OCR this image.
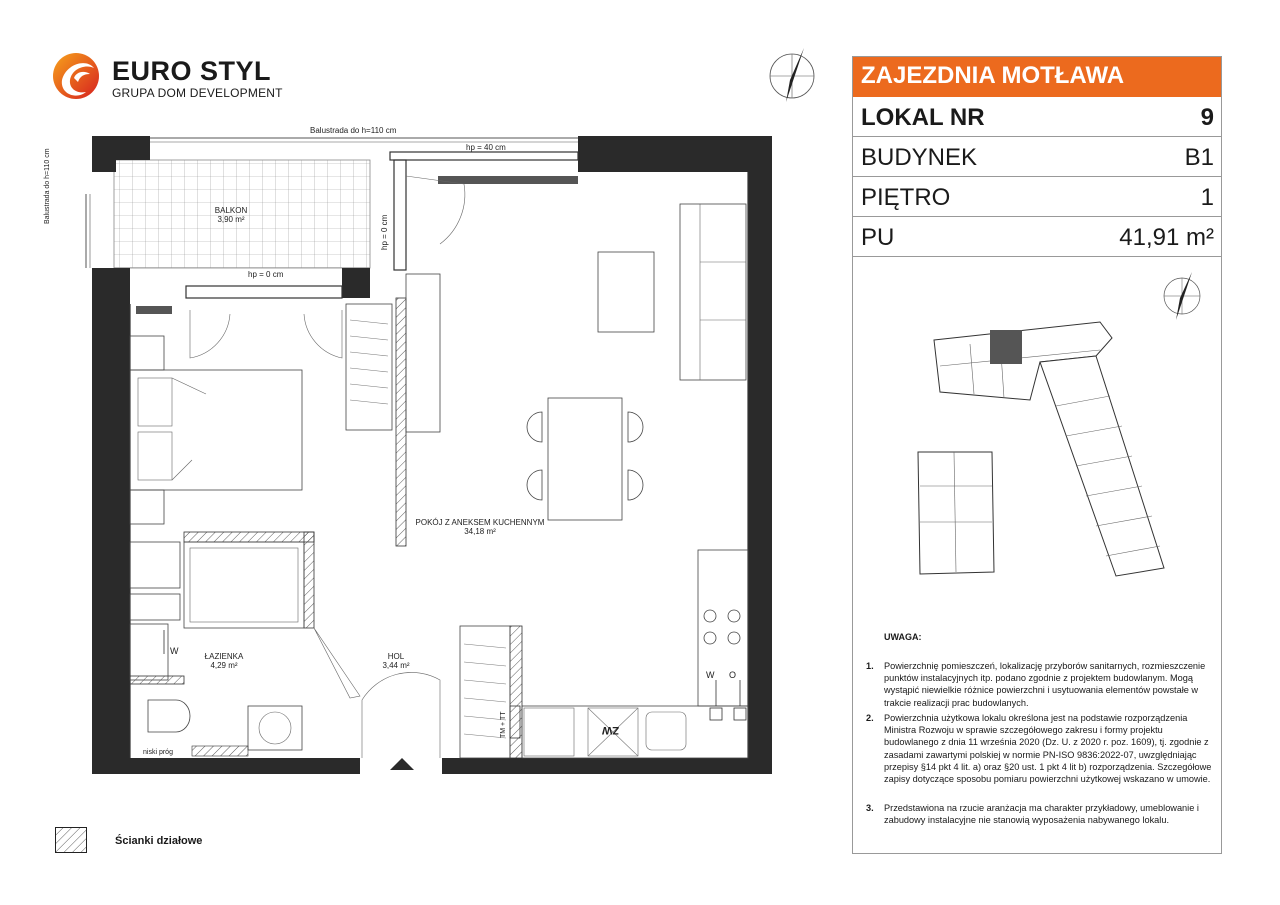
EURO STYL
GRUPA DOM DEVELOPMENT
Balustrada do h=110 cm
Balustrada do h=110 cm
hp = 40 cm
hp = 0 cm
hp = 0 cm
niski próg
TM + TT	ZW
W
W O
BALKON
3,90 m²
POKÓJ Z ANEKSEM KUCHENNYM
34,18 m²
ŁAZIENKA
4,29 m²
HOL
3,44 m²
ZAJEZDNIA MOTŁAWA
LOKAL NR	9
BUDYNEK	B1
PIĘTRO	1
PU	41,91 m²
UWAGA:
1. Powierzchnię pomieszczeń, lokalizację przyborów sanitarnych, rozmieszczenie punktów instalacyjnych itp. podano zgodnie z projektem budowlanym. Mogą wystąpić niewielkie różnice powierzchni i usytuowania elementów powstałe w trakcie realizacji prac budowlanych.
2. Powierzchnia użytkowa lokalu określona jest na podstawie rozporządzenia Ministra Rozwoju w sprawie szczegółowego zakresu i formy projektu budowlanego z dnia 11 września 2020 (Dz. U. z 2020 r. poz. 1609), tj. zgodnie z zasadami zawartymi polskiej w normie PN-ISO 9836:2022-07, uwzględniając przepisy §14 pkt 4 lit. a) oraz §20 ust. 1 pkt 4 lit b) rozporządzenia. Szczegółowe zapisy dotyczące sposobu pomiaru powierzchni użytkowej wskazano w umowie.
3. Przedstawiona na rzucie aranżacja ma charakter przykładowy, umeblowanie i zabudowy instalacyjne nie stanowią wyposażenia nabywanego lokalu.
Ścianki działowe
